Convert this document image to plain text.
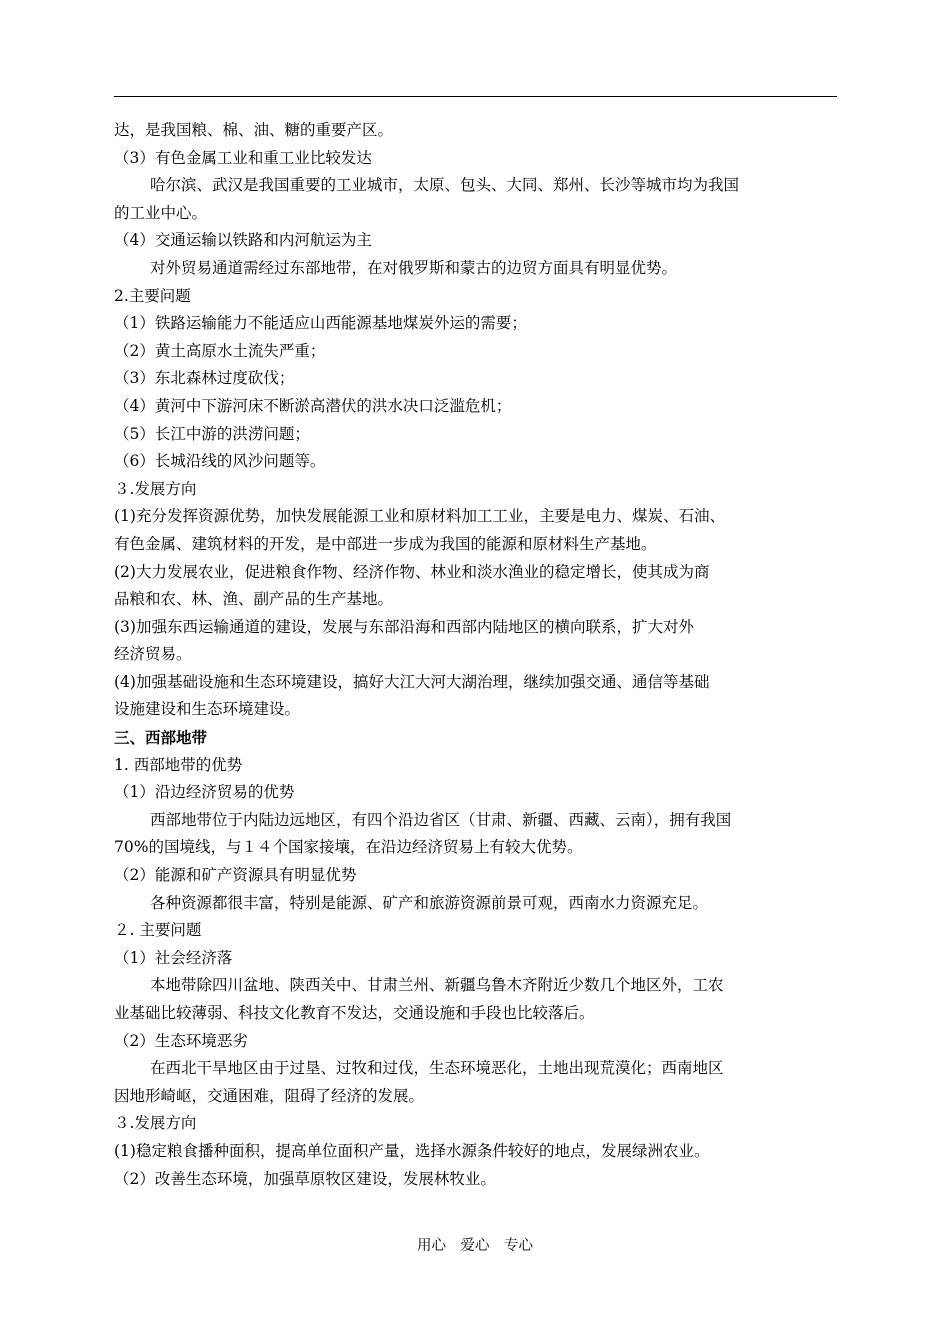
达，是我国粮、棉、油、糖的重要产区。
（3）有色金属工业和重工业比较发达
哈尔滨、武汉是我国重要的工业城市，太原、包头、大同、郑州、长沙等城市均为我国
的工业中心。
（4）交通运输以铁路和内河航运为主
对外贸易通道需经过东部地带，在对俄罗斯和蒙古的边贸方面具有明显优势。
2.主要问题
（1）铁路运输能力不能适应山西能源基地煤炭外运的需要；
（2）黄土高原水土流失严重；
（3）东北森林过度砍伐；
（4）黄河中下游河床不断淤高潜伏的洪水决口泛滥危机；
（5）长江中游的洪涝问题；
（6）长城沿线的风沙问题等。
３.发展方向
(1)充分发挥资源优势，加快发展能源工业和原材料加工工业，主要是电力、煤炭、石油、
有色金属、建筑材料的开发，是中部进一步成为我国的能源和原材料生产基地。
(2)大力发展农业，促进粮食作物、经济作物、林业和淡水渔业的稳定增长，使其成为商
品粮和农、林、渔、副产品的生产基地。
(3)加强东西运输通道的建设，发展与东部沿海和西部内陆地区的横向联系，扩大对外
经济贸易。
(4)加强基础设施和生态环境建设，搞好大江大河大湖治理，继续加强交通、通信等基础
设施建设和生态环境建设。
三、西部地带
1. 西部地带的优势
（1）沿边经济贸易的优势
西部地带位于内陆边远地区，有四个沿边省区（甘肃、新疆、西藏、云南），拥有我国
70%的国境线，与１４个国家接壤，在沿边经济贸易上有较大优势。
（2）能源和矿产资源具有明显优势
各种资源都很丰富，特别是能源、矿产和旅游资源前景可观，西南水力资源充足。
２. 主要问题
（1）社会经济落
本地带除四川盆地、陕西关中、甘肃兰州、新疆乌鲁木齐附近少数几个地区外，工农
业基础比较薄弱、科技文化教育不发达，交通设施和手段也比较落后。
（2）生态环境恶劣
在西北干旱地区由于过垦、过牧和过伐，生态环境恶化，土地出现荒漠化；西南地区
因地形崎岖，交通困难，阻碍了经济的发展。
３.发展方向
(1)稳定粮食播种面积，提高单位面积产量，选择水源条件较好的地点，发展绿洲农业。
（2）改善生态环境，加强草原牧区建设，发展林牧业。
用心　爱心　专心
